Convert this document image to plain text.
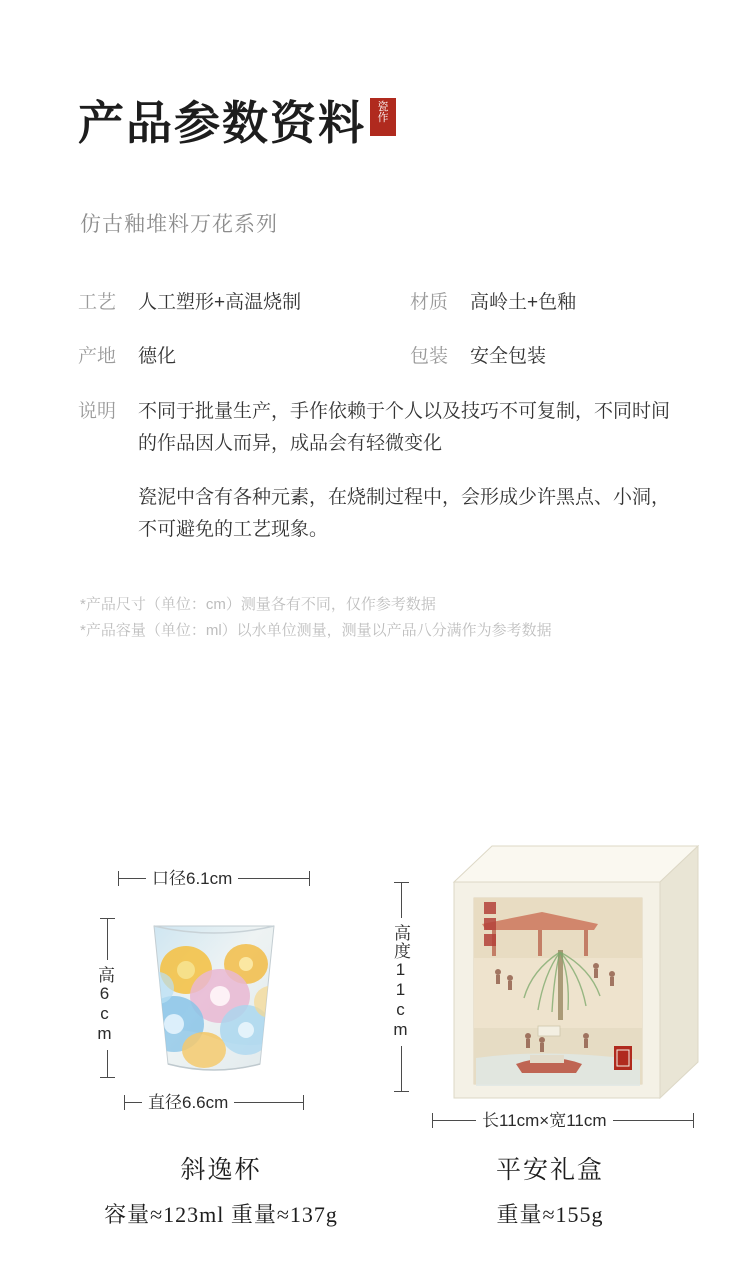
产品参数资料	瓷
作
仿古釉堆料万花系列
工艺	人工塑形+高温烧制	材质	高岭土+色釉
产地	德化	包装	安全包装
说明	不同于批量生产，手作依赖于个人以及技巧不可复制，不同时间的作品因人而异，成品会有轻微变化

瓷泥中含有各种元素，在烧制过程中，会形成少许黑点、小洞，不可避免的工艺现象。

*产品尺寸（单位：cm）测量各有不同，仅作参考数据
*产品容量（单位：ml）以水单位测量，测量以产品八分满作为参考数据
口径6.1cm
高6cm
直径6.6cm
斜逸杯
容量≈123ml 重量≈137g
高度11cm
长11cm×宽11cm
平安礼盒
重量≈155g
